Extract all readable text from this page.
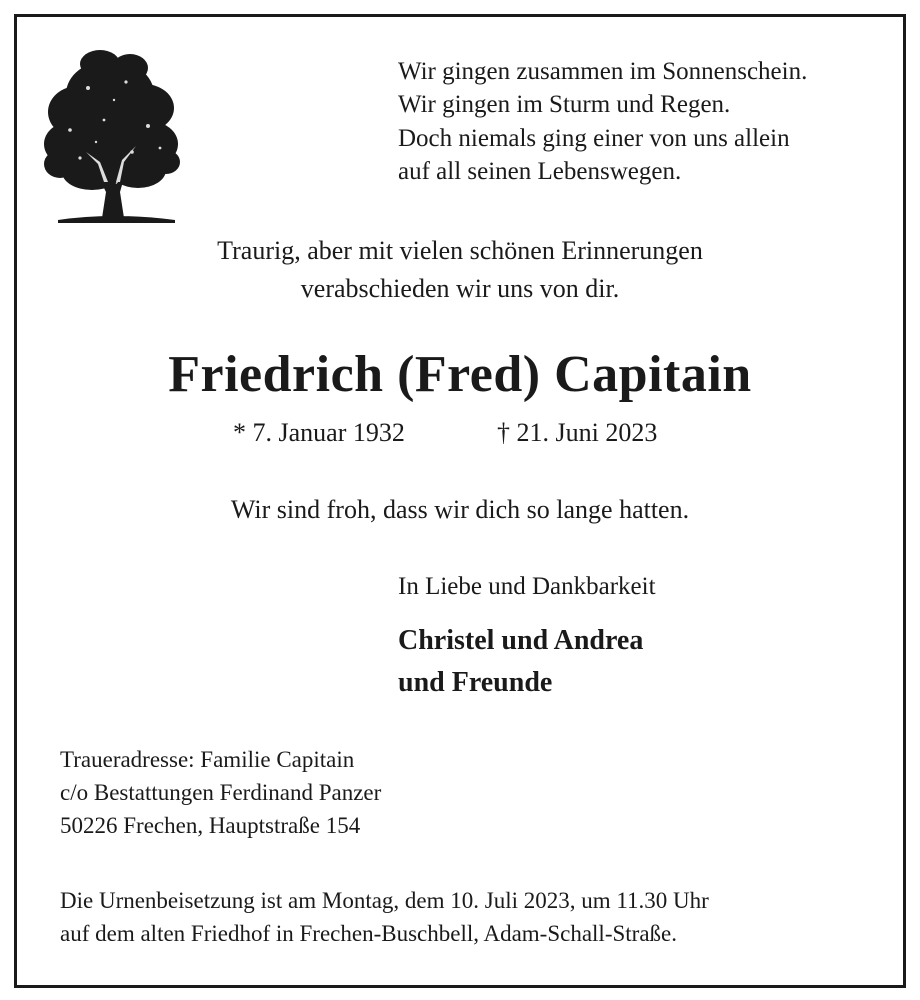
Wir gingen zusammen im Sonnenschein.
Wir gingen im Sturm und Regen.
Doch niemals ging einer von uns allein
auf all seinen Lebenswegen.
Traurig, aber mit vielen schönen Erinnerungen
verabschieden wir uns von dir.
Friedrich (Fred) Capitain
* 7. Januar 1932	† 21. Juni 2023
Wir sind froh, dass wir dich so lange hatten.
In Liebe und Dankbarkeit
Christel und Andrea
und Freunde
Traueradresse: Familie Capitain
c/o Bestattungen Ferdinand Panzer
50226 Frechen, Hauptstraße 154
Die Urnenbeisetzung ist am Montag, dem 10. Juli 2023, um 11.30 Uhr
auf dem alten Friedhof in Frechen-Buschbell, Adam-Schall-Straße.
